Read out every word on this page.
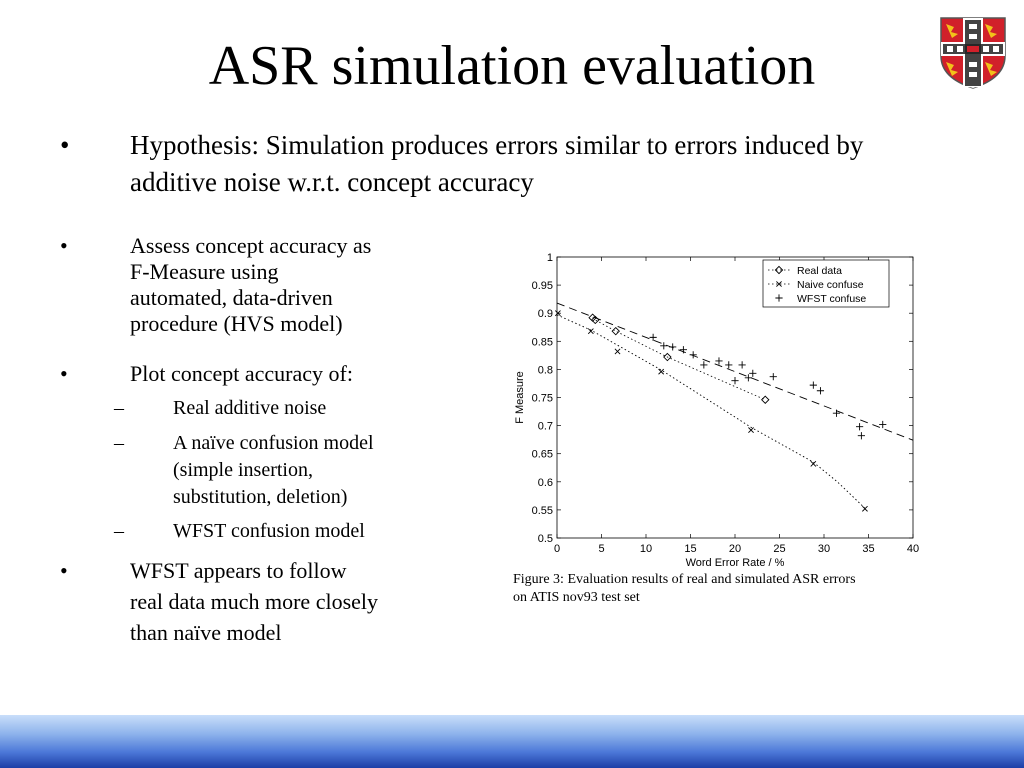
ASR simulation evaluation
• Hypothesis: Simulation produces errors similar to errors induced by additive noise w.r.t. concept accuracy
•	Assess concept accuracy as
F-Measure using
automated, data-driven
procedure (HVS model)
•	Plot concept accuracy of:
– Real additive noise
– A naïve confusion model
(simple insertion,
substitution, deletion)
– WFST confusion model
•	WFST appears to follow
real data much more closely
than naïve model
0	5	10	15	20	25	30	35	40
0.5
0.55
0.6
0.65
0.7
0.75
0.8
0.85
0.9
0.95
1
Word Error Rate / %
F Measure
Real data
Naive confuse
WFST confuse
Figure 3: Evaluation results of real and simulated ASR errors
on ATIS nov93 test set
